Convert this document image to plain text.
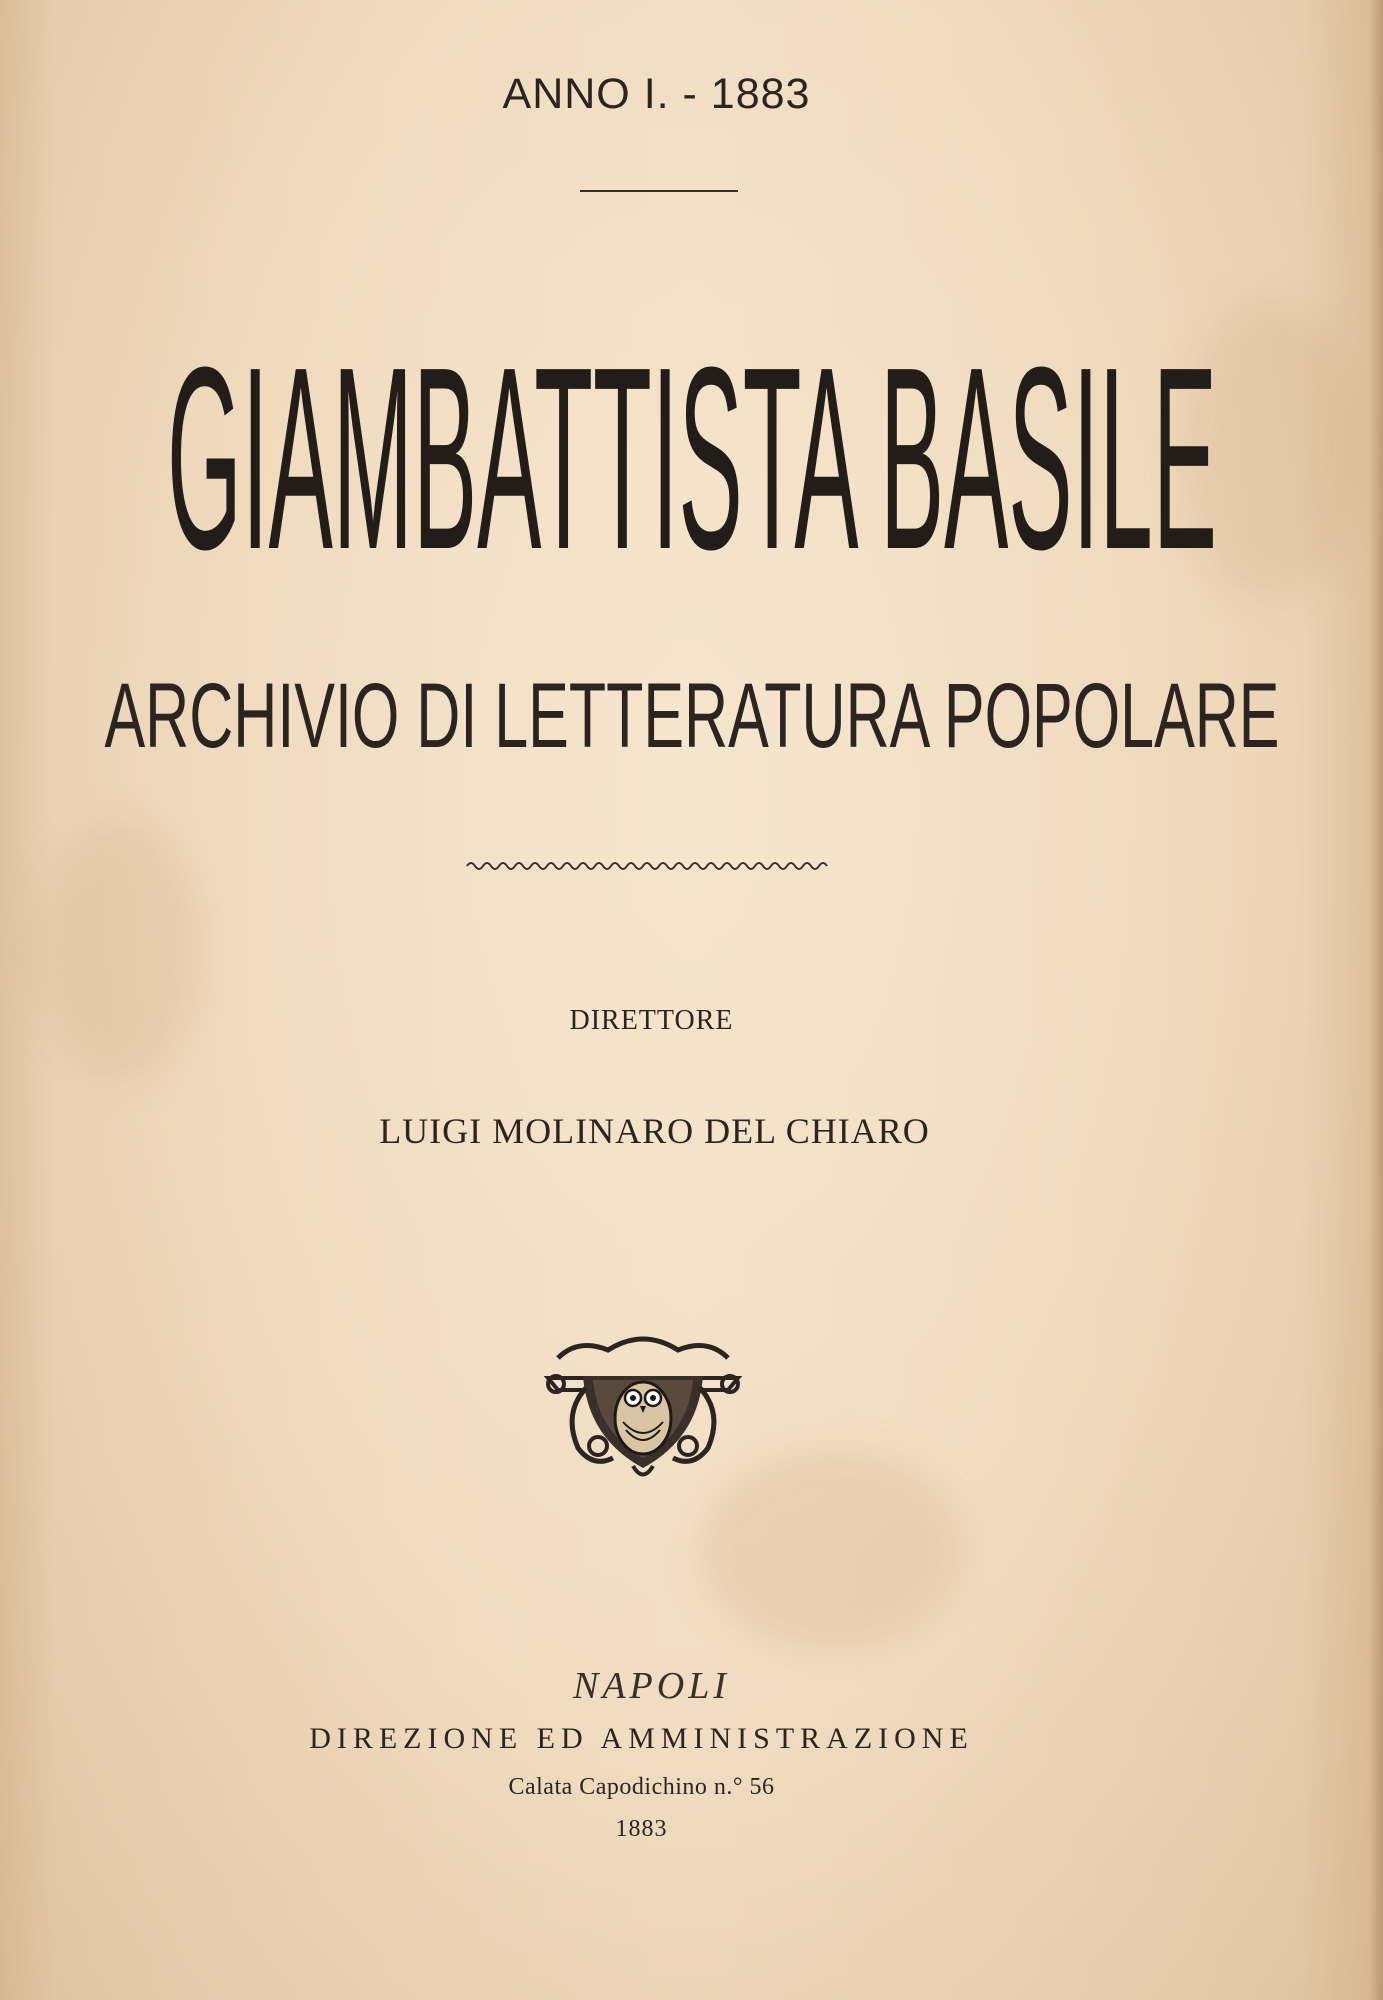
ANNO I. - 1883
GIAMBATTISTA BASILE
ARCHIVIO DI LETTERATURA POPOLARE
DIRETTORE
LUIGI MOLINARO DEL CHIARO
NAPOLI
DIREZIONE ED AMMINISTRAZIONE
Calata Capodichino n.° 56
1883
